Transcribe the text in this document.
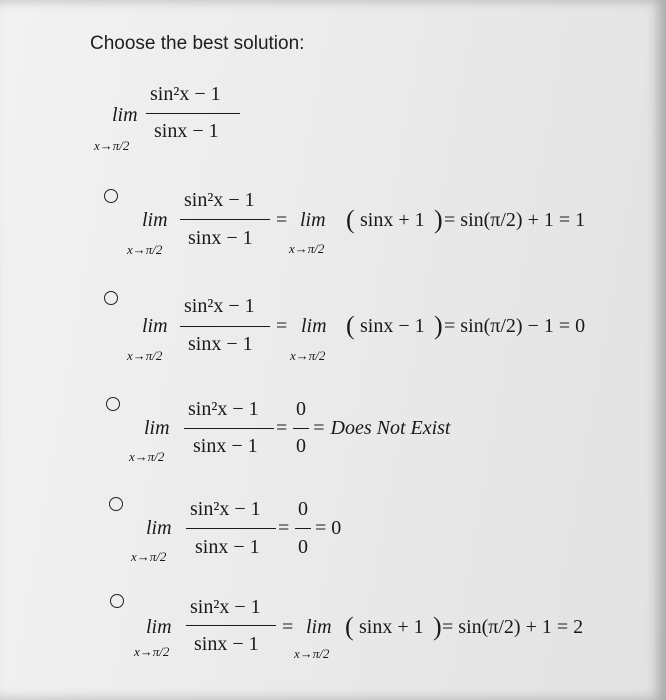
Choose the best solution:
lim
x→π/2
sin²x − 1
sinx − 1
lim
x→π/2
sin²x − 1
sinx − 1
= lim
x→π/2
( sinx + 1 ) = sin(π/2) + 1 = 1
lim
x→π/2
sin²x − 1
sinx − 1
= lim
x→π/2
( sinx − 1 ) = sin(π/2) − 1 = 0
lim
x→π/2
sin²x − 1
sinx − 1
=
0
0
= Does Not Exist
lim
x→π/2
sin²x − 1
sinx − 1
=
0
0
= 0
lim
x→π/2
sin²x − 1
sinx − 1
= lim
x→π/2
( sinx + 1 ) = sin(π/2) + 1 = 2
